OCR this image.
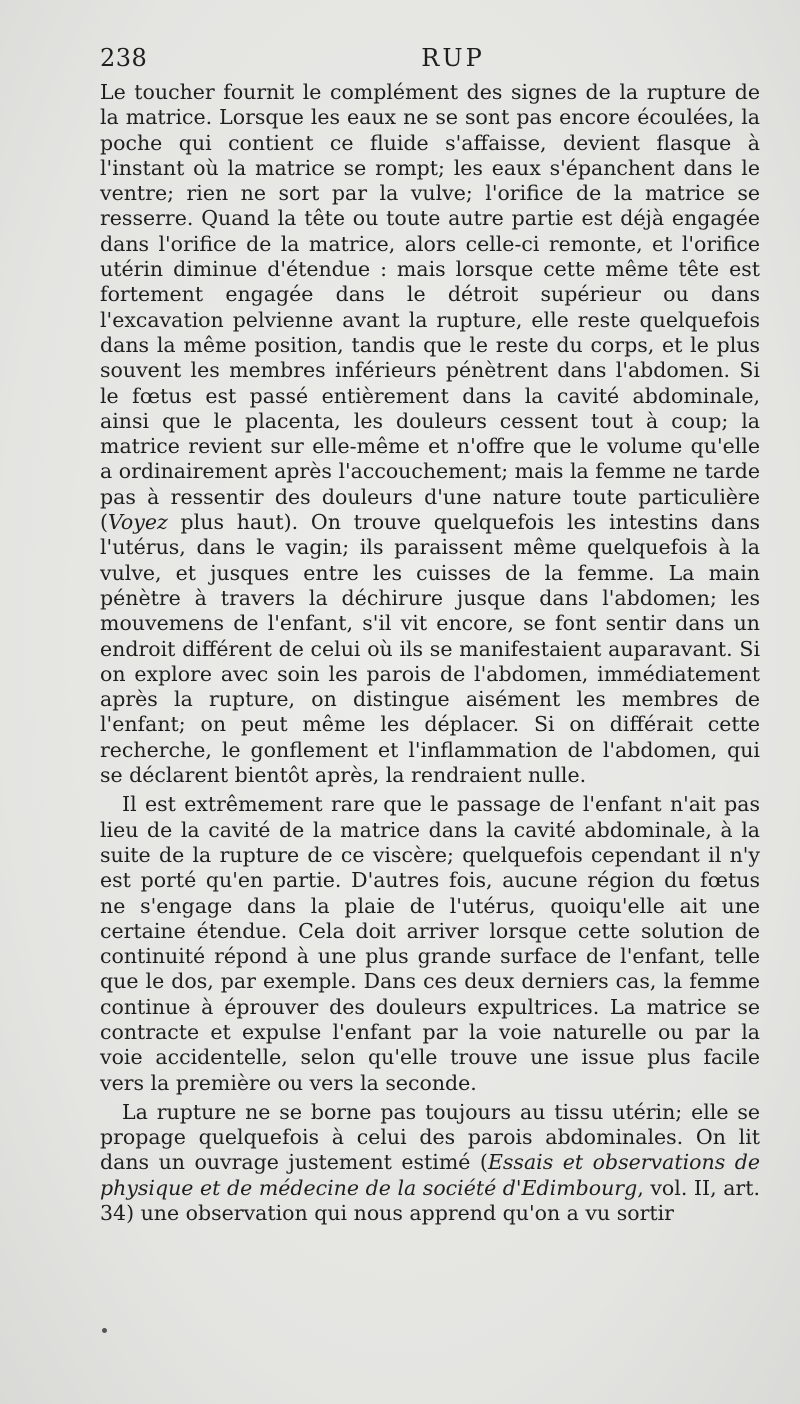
238	RUP

Le toucher fournit le complément des signes de la rupture de la matrice. Lorsque les eaux ne se sont pas encore écoulées, la poche qui contient ce fluide s'affaisse, devient flasque à l'instant où la matrice se rompt; les eaux s'épanchent dans le ventre; rien ne sort par la vulve; l'orifice de la matrice se resserre. Quand la tête ou toute autre partie est déjà engagée dans l'orifice de la matrice, alors celle-ci remonte, et l'orifice utérin diminue d'étendue : mais lorsque cette même tête est fortement engagée dans le détroit supérieur ou dans l'excavation pelvienne avant la rupture, elle reste quelquefois dans la même position, tandis que le reste du corps, et le plus souvent les membres inférieurs pénètrent dans l'abdomen. Si le fœtus est passé entièrement dans la cavité abdominale, ainsi que le placenta, les douleurs cessent tout à coup; la matrice revient sur elle-même et n'offre que le volume qu'elle a ordinairement après l'accouchement; mais la femme ne tarde pas à ressentir des douleurs d'une nature toute particulière (Voyez plus haut). On trouve quelquefois les intestins dans l'utérus, dans le vagin; ils paraissent même quelquefois à la vulve, et jusques entre les cuisses de la femme. La main pénètre à travers la déchirure jusque dans l'abdomen; les mouvemens de l'enfant, s'il vit encore, se font sentir dans un endroit différent de celui où ils se manifestaient auparavant. Si on explore avec soin les parois de l'abdomen, immédiatement après la rupture, on distingue aisément les membres de l'enfant; on peut même les déplacer. Si on différait cette recherche, le gonflement et l'inflammation de l'abdomen, qui se déclarent bientôt après, la rendraient nulle.

Il est extrêmement rare que le passage de l'enfant n'ait pas lieu de la cavité de la matrice dans la cavité abdominale, à la suite de la rupture de ce viscère; quelquefois cependant il n'y est porté qu'en partie. D'autres fois, aucune région du fœtus ne s'engage dans la plaie de l'utérus, quoiqu'elle ait une certaine étendue. Cela doit arriver lorsque cette solution de continuité répond à une plus grande surface de l'enfant, telle que le dos, par exemple. Dans ces deux derniers cas, la femme continue à éprouver des douleurs expultrices. La matrice se contracte et expulse l'enfant par la voie naturelle ou par la voie accidentelle, selon qu'elle trouve une issue plus facile vers la première ou vers la seconde.

La rupture ne se borne pas toujours au tissu utérin; elle se propage quelquefois à celui des parois abdominales. On lit dans un ouvrage justement estimé (Essais et observations de physique et de médecine de la société d'Edimbourg, vol. II, art. 34) une observation qui nous apprend qu'on a vu sortir
